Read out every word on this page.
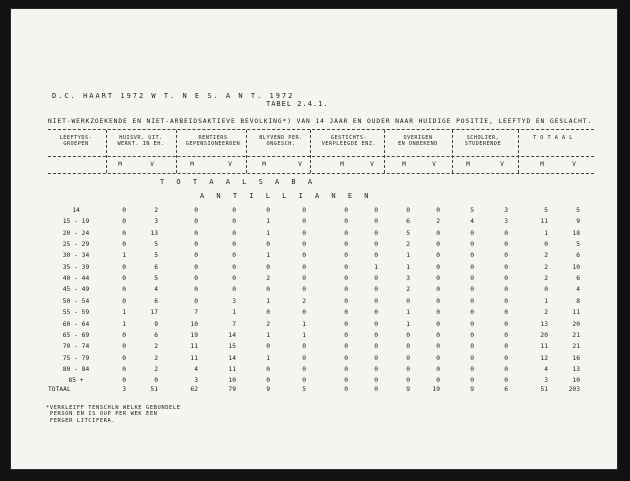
D.C. HAART 1972 W T. N E S. A N T. 1972
TABEL 2.4.1.
NIET-WERKZOEKENDE EN NIET-ARBEIDSAKTIEVE BEVOLKING*) VAN 14 JAAR EN OUDER NAAR HUIDIGE POSITIE, LEEFTYD EN GESLACHT.
LEEFTYDS-
GROEPEN
HUISVR. UIT.
WERKT. IN EH.
RENTIERS
GEPENSIONEERDEN
BLYVEND PER.
ONGESCH.
GESTICHTS-
VERPLEEGDE ENZ.
OVERIGEN
EN ONBEKEND
SCHOLIER,
STUDERENDE
T O T A A L
M	V	M	V	M	V	M	V	M	V	M	V	M	V
T O T A A L S A B A
A N T I L L I A N E N
14	0	2	0	0	0	0	0	0	0	0	5	3	5	5
15 - 19	0	3	0	0	1	0	0	0	6	2	4	3	11	9
20 - 24	0	13	0	0	1	0	0	0	5	0	0	0	1	18
25 - 29	0	5	0	0	0	0	0	0	2	0	0	0	0	5
30 - 34	1	5	0	0	1	0	0	0	1	0	0	0	2	6
35 - 39	0	6	0	0	0	0	0	1	1	0	0	0	2	10
40 - 44	0	5	0	0	2	0	0	0	3	0	0	0	2	6
45 - 49	0	4	0	0	0	0	0	0	2	0	0	0	0	4
50 - 54	0	6	0	3	1	2	0	0	0	0	0	0	1	8
55 - 59	1	17	7	1	0	0	0	0	1	0	0	0	2	11
60 - 64	1	9	10	7	2	1	0	0	1	0	0	0	13	20
65 - 69	0	6	19	14	1	1	0	0	0	0	0	0	20	21
70 - 74	0	2	11	15	0	0	0	0	0	0	0	0	11	21
75 - 79	0	2	11	14	1	0	0	0	0	0	0	0	12	16
80 - 84	0	2	4	11	0	0	0	0	0	0	0	0	4	13
85 +	0	0	3	10	0	0	0	0	0	0	0	0	3	10
TOTAAL	3	51	62	79	9	5	0	0	9	19	9	6	51	203
*VERKLEIFF TENSCHLN WELKE GEBUNDELE
PERSON EN IS OUP PER WEK EEN
FERGER LITCIFERA.
